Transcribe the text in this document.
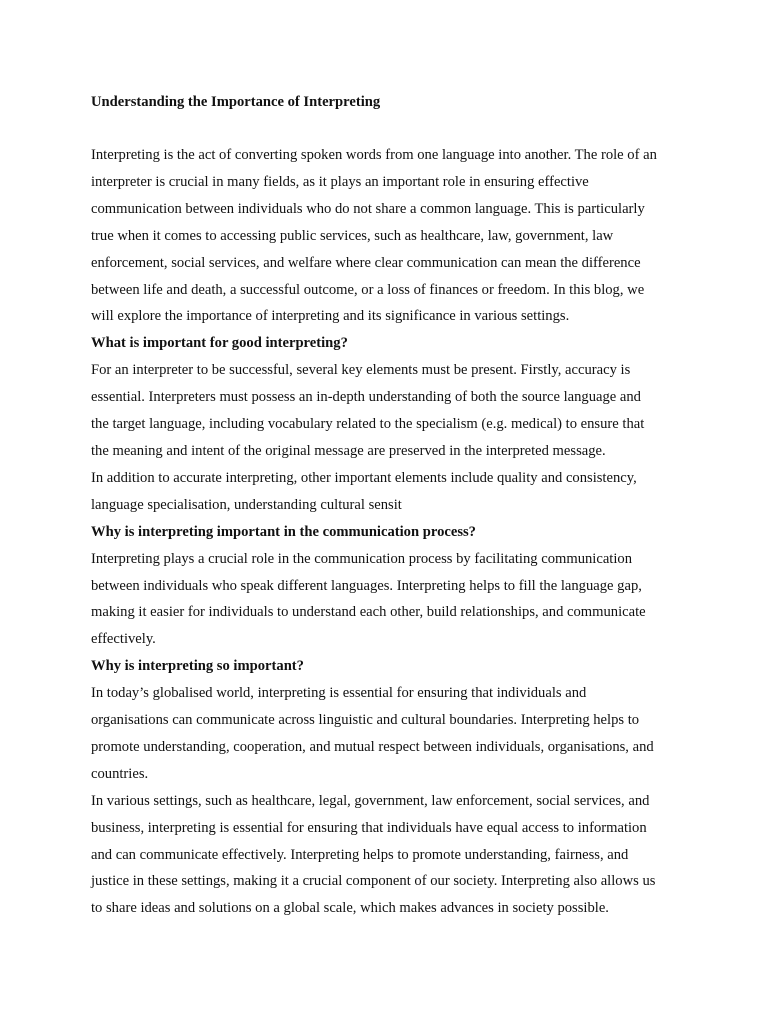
Understanding the Importance of Interpreting
Interpreting is the act of converting spoken words from one language into another. The role of an
interpreter is crucial in many fields, as it plays an important role in ensuring effective
communication between individuals who do not share a common language. This is particularly
true when it comes to accessing public services, such as healthcare, law, government, law
enforcement, social services, and welfare where clear communication can mean the difference
between life and death, a successful outcome, or a loss of finances or freedom. In this blog, we
will explore the importance of interpreting and its significance in various settings.
What is important for good interpreting?
For an interpreter to be successful, several key elements must be present. Firstly, accuracy is
essential. Interpreters must possess an in-depth understanding of both the source language and
the target language, including vocabulary related to the specialism (e.g. medical) to ensure that
the meaning and intent of the original message are preserved in the interpreted message.
In addition to accurate interpreting, other important elements include quality and consistency,
language specialisation, understanding cultural sensit
Why is interpreting important in the communication process?
Interpreting plays a crucial role in the communication process by facilitating communication
between individuals who speak different languages. Interpreting helps to fill the language gap,
making it easier for individuals to understand each other, build relationships, and communicate
effectively.
Why is interpreting so important?
In today’s globalised world, interpreting is essential for ensuring that individuals and
organisations can communicate across linguistic and cultural boundaries. Interpreting helps to
promote understanding, cooperation, and mutual respect between individuals, organisations, and
countries.
In various settings, such as healthcare, legal, government, law enforcement, social services, and
business, interpreting is essential for ensuring that individuals have equal access to information
and can communicate effectively. Interpreting helps to promote understanding, fairness, and
justice in these settings, making it a crucial component of our society. Interpreting also allows us
to share ideas and solutions on a global scale, which makes advances in society possible.
